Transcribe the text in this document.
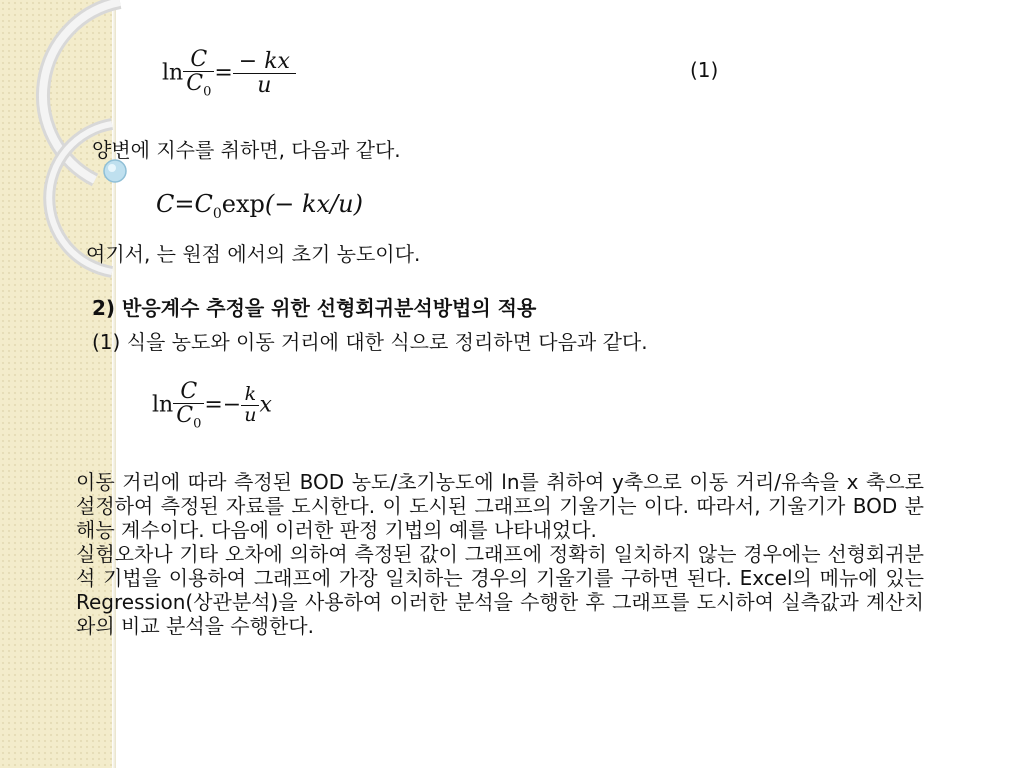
$\ln \frac{C}{C_0} = \frac{- kx}{u}$	(1)
양변에 지수를 취하면, 다음과 같다.
$C=C_0\exp(- kx/u)$
여기서, 는 원점 에서의 초기 농도이다.
2) 반응계수 추정을 위한 선형회귀분석방법의 적용
(1) 식을 농도와 이동 거리에 대한 식으로 정리하면 다음과 같다.
$\ln \frac{C}{C_0} =- \frac{k}{u}$ x

이동 거리에 따라 측정된 BOD 농도/초기농도에 ln를 취하여 y축으로 이동 거리/유속을 x 축으로 설정하여 측정된 자료를 도시한다. 이 도시된 그래프의 기울기는 이다. 따라서, 기울기가 BOD 분해능 계수이다. 다음에 이러한 판정 기법의 예를 나타내었다.

실험오차나 기타 오차에 의하여 측정된 값이 그래프에 정확히 일치하지 않는 경우에는 선형회귀분석 기법을 이용하여 그래프에 가장 일치하는 경우의 기울기를 구하면 된다. Excel의 메뉴에 있는 Regression(상관분석)을 사용하여 이러한 분석을 수행한 후 그래프를 도시하여 실측값과 계산치와의 비교 분석을 수행한다.
